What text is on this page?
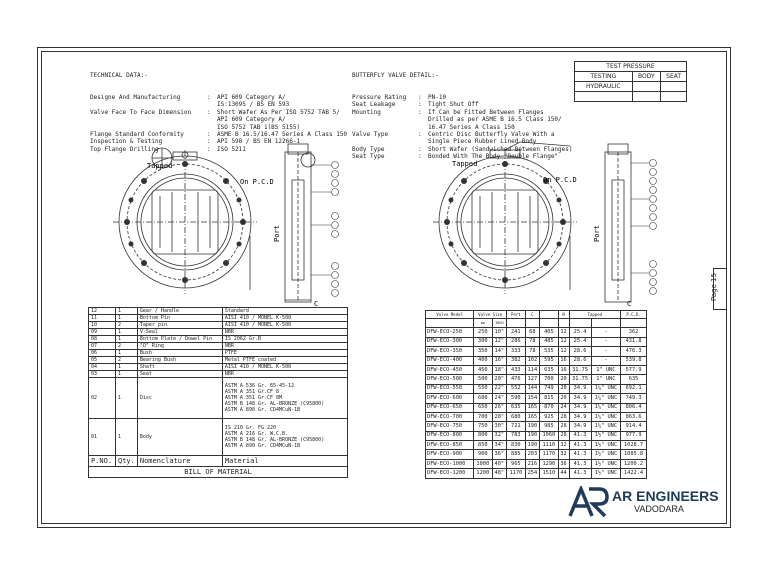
TECHNICAL DATA:-

Designe And Manufacturing	:	API 609 Category A/
IS:13095 / BS EN 593
Valve Face To Face Dimension	:	Short Wafer As Per ISO 5752 TAB 5/
API 609 Category A/
ISO 5752 TAB 1(BS 5155)
Flange Standard Conformity	:	ASME B 16.5/16.47 Series A Class 150
Inspection & Testing	:	API 598 / BS EN 12266-1
Top Flange Drilling	:	ISO 5211

BUTTERFLY VALVE DETAIL:-

Pressure Rating	:	PN-10
Seat Leakage	:	Tight Shut Off
Mounting	:	If Can be Fitted Between Flanges
Drilled as per ASME B 16.5 Class 150/
16.47 Series A Class 150
Valve Type	:	Centric Disc Butterfly Valve With a
Single Piece Rubber Lined Body
Body Type	:	Short Wafer (Sandwiched Between Flanges)
Seat Type	:	Bonded With The Body "Double Flange"

TEST PRESSURE		
TESTING	BODY	SEAT
HYDRAULIC		

Tapped
On P.C.D
Port
C
Tapped
On P.C.D
Port
C
Page 15
12	1	Gear / Handle	Standard
11	1	Bottom Pin	AISI 410 / MONEL K-500
10	2	Taper pin	AISI 410 / MONEL K-500
09	1	V-Seal	NBR
08	1	Bottom Plate / Dowel Pin	IS 2062 Gr.B
07	2	"O" Ring	NBR
06	1	Bush	PTFE
05	2	Bearing Bush	Metal PTFE coated
04	1	Shaft	AISI 410 / MONEL K-500
03	1	Seat	NBR
02	1	Disc	ASTM A 536 Gr. 65-45-12
ASTM A 351 Gr.CF 8
ASTM A 351 Gr.CF 8M
ASTM B 148 Gr. AL-BRONZE (C95800)
ASTM A 890 Gr. CD4MCuN-1B

01	1	Body	IS 210 Gr. FG 220
ASTM A 216 Gr. W.C.B.
ASTM B 148 Gr. AL-BRONZE (C95800)
ASTM A 890 Gr. CD4MCuN-1B

P.NO.	Qty.	Nomenclature	Material
BILL OF MATERIAL			
Valve Model	Valve Size		Port	C		N	Tapped		P.C.D.
	mm	INCH							
DFW-ECO-250	250	10"	241	68	405	12	25.4	-	362
DFW-ECO-300	300	12"	286	78	485	12	25.4	-	431.8
DFW-ECO-350	350	14"	333	78	535	12	28.6	-	476.3
DFW-ECO-400	400	16"	382	102	595	16	28.6	-	539.8
DFW-ECO-450	450	18"	433	114	635	16	31.75	1" UNC	577.9
DFW-ECO-500	500	20"	476	127	700	20	31.75	1" UNC	635
DFW-ECO-550	550	22"	552	144	749	20	34.9	1¼" UNC	692.1
DFW-ECO-600	600	24"	590	154	815	20	34.9	1¼" UNC	749.3
DFW-ECO-650	650	26"	635	165	870	24	34.9	1¼" UNC	806.4
DFW-ECO-700	700	28"	680	165	925	28	34.9	1¼" UNC	863.6
DFW-ECO-750	750	30"	721	190	985	28	34.9	1¼" UNC	914.4
DFW-ECO-800	800	32"	783	190	1060	28	41.3	1½" UNC	977.9
DFW-ECO-850	850	34"	830	190	1110	32	41.3	1½" UNC	1028.7
DFW-ECO-900	900	36"	885	203	1170	32	41.3	1½" UNC	1085.8
DFW-ECO-1000	1000	40"	965	216	1290	36	41.3	1½" UNC	1200.2
DFW-ECO-1200	1200	48"	1170	254	1510	44	41.3	1½" UNC	1422.4
AR ENGINEERS
VADODARA
